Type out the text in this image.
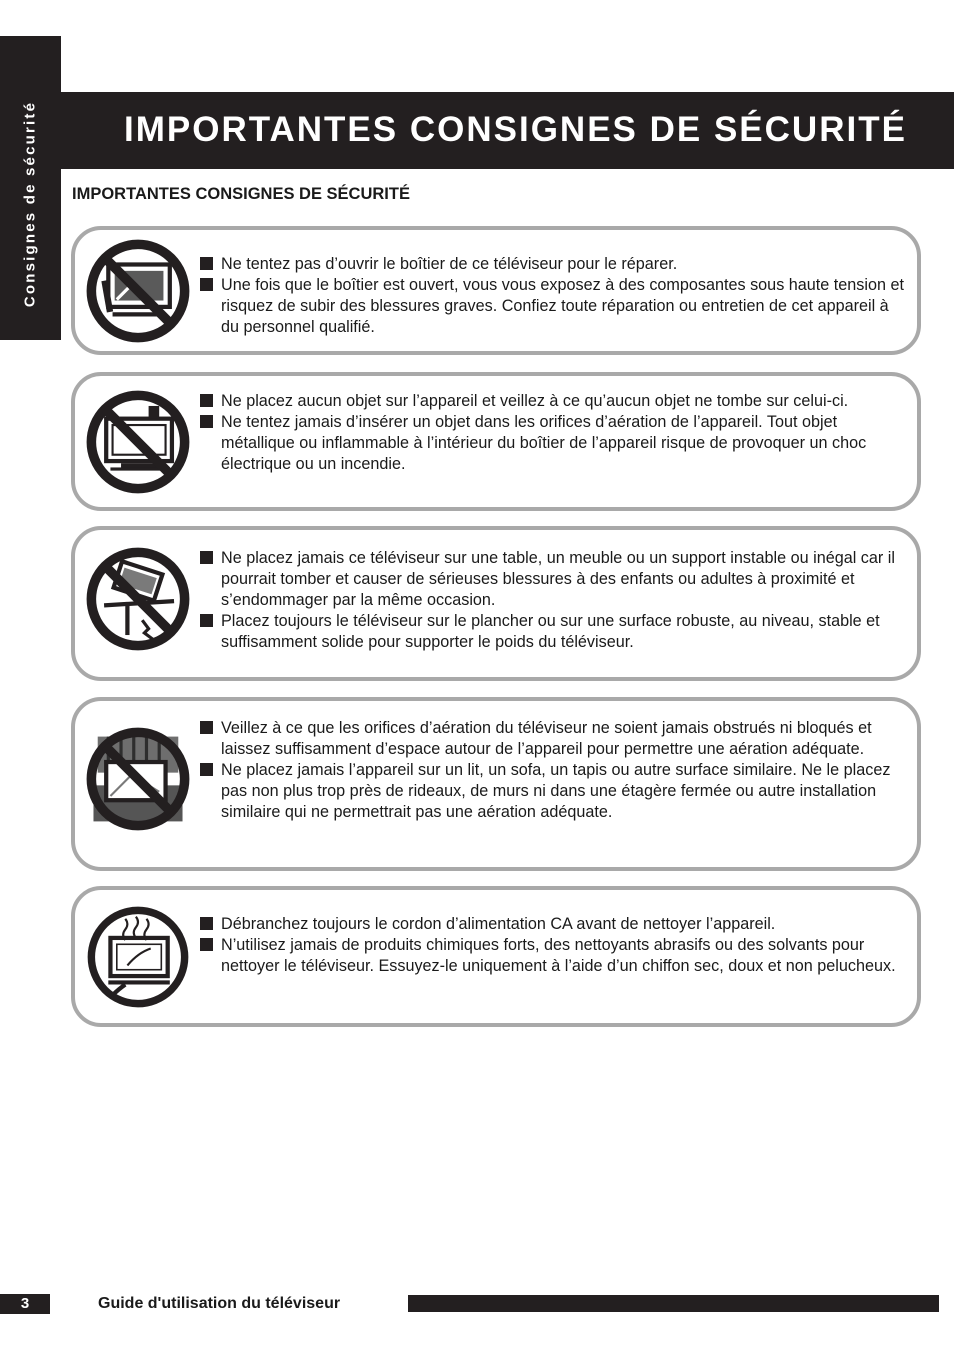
Consignes de sécurité IMPORTANTES CONSIGNES DE SÉCURITÉ
IMPORTANTES CONSIGNES DE SÉCURITÉ
Ne tentez pas d’ouvrir le boîtier de ce téléviseur pour le réparer.
Une fois que le boîtier est ouvert, vous vous exposez à des composantes sous haute tension et risquez de subir des blessures graves. Confiez toute réparation ou entretien de cet appareil à du personnel qualifié.
Ne placez aucun objet sur l’appareil et veillez à ce qu’aucun objet ne tombe sur celui-ci.
Ne tentez jamais d’insérer un objet dans les orifices d’aération de l’appareil. Tout objet métallique ou inflammable à l’intérieur du boîtier de l’appareil risque de provoquer un choc électrique ou un incendie.
Ne placez jamais ce téléviseur sur une table, un meuble ou un support instable ou inégal car il pourrait tomber et causer de sérieuses blessures à des enfants ou adultes à proximité et s’endommager par la même occasion.
Placez toujours le téléviseur sur le plancher ou sur une surface robuste, au niveau, stable et suffisamment solide pour supporter le poids du téléviseur.
Veillez à ce que les orifices d’aération du téléviseur ne soient jamais obstrués ni bloqués et laissez suffisamment d’espace autour de l’appareil pour permettre une aération adéquate.
Ne placez jamais l’appareil sur un lit, un sofa, un tapis ou autre surface similaire. Ne le placez pas non plus trop près de rideaux, de murs ni dans une étagère fermée ou autre installation similaire qui ne permettrait pas une aération adéquate.
Débranchez toujours le cordon d’alimentation CA avant de nettoyer l’appareil.
N’utilisez jamais de produits chimiques forts, des nettoyants abrasifs ou des solvants pour nettoyer le téléviseur. Essuyez-le uniquement à l’aide d’un chiffon sec, doux et non pelucheux.
3	Guide d'utilisation du téléviseur
